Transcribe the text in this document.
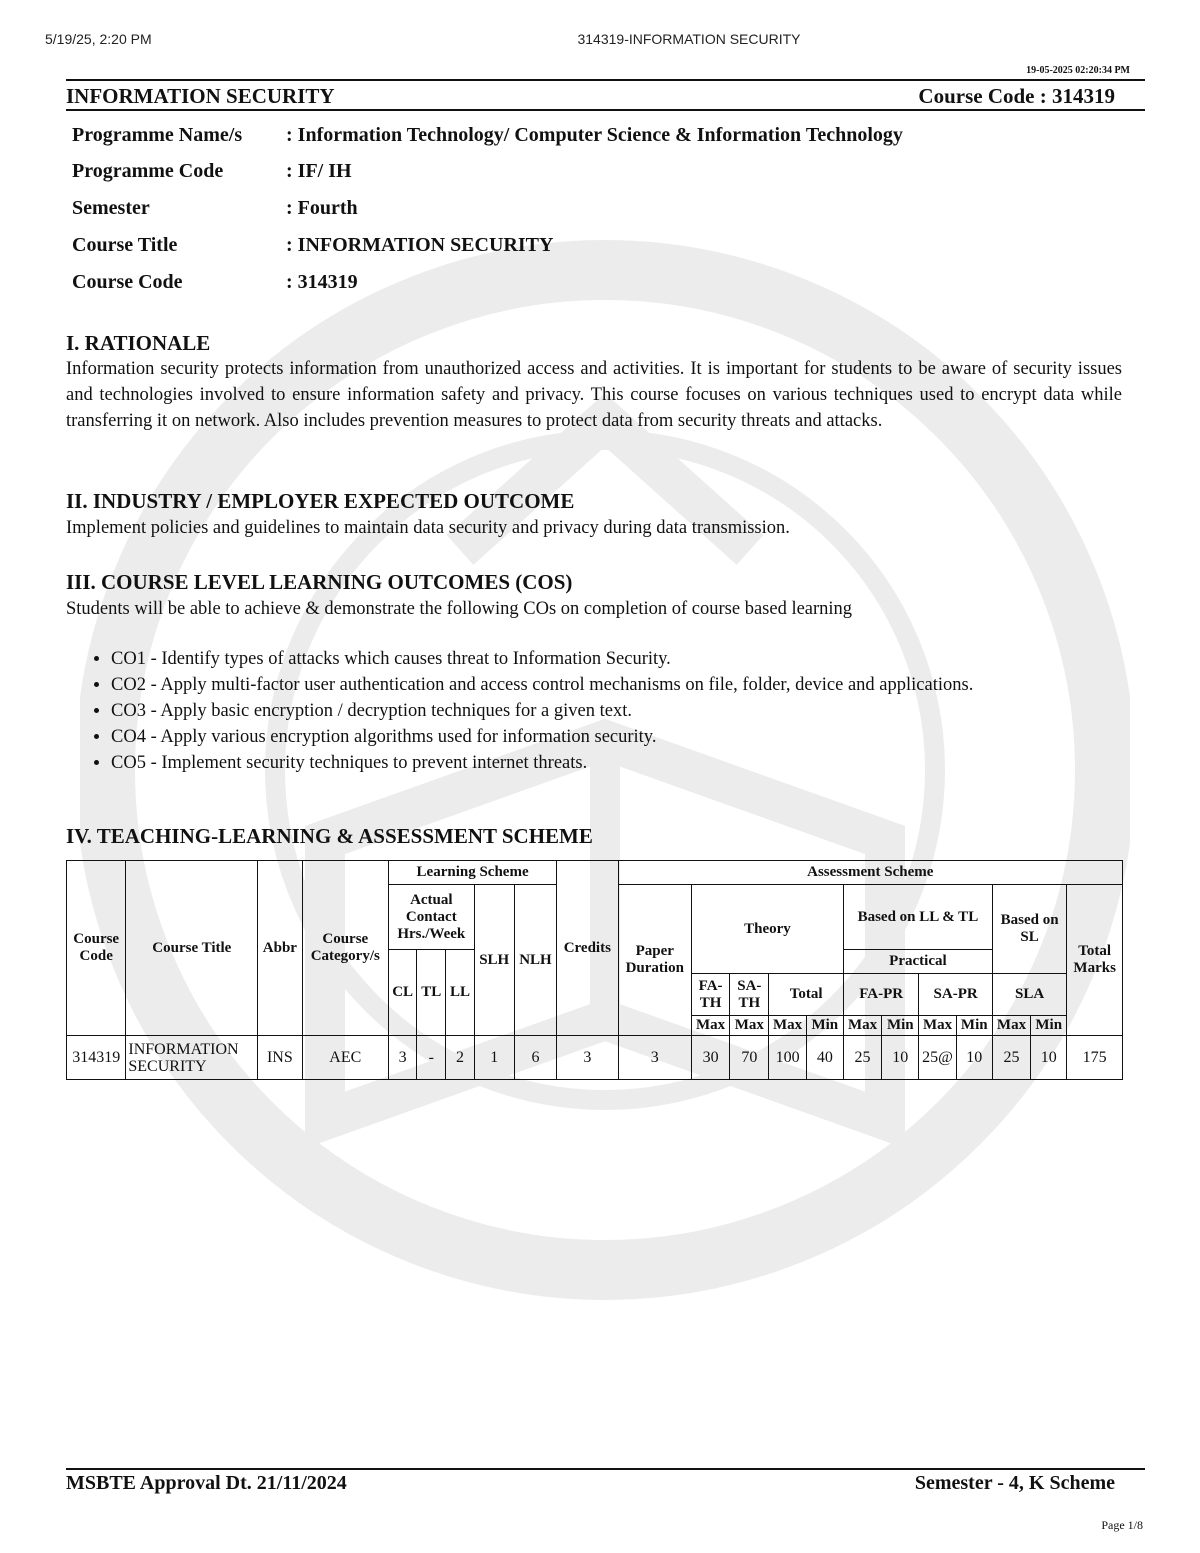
5/19/25, 2:20 PM	314319-INFORMATION SECURITY
19-05-2025 02:20:34 PM
INFORMATION SECURITY	Course Code : 314319
Programme Name/s : Information Technology/ Computer Science & Information Technology
Programme Code	: IF/ IH
Semester	: Fourth
Course Title	: INFORMATION SECURITY
Course Code	: 314319
I. RATIONALE
Information security protects information from unauthorized access and activities. It is important for students to be aware of security issues and technologies involved to ensure information safety and privacy. This course focuses on various techniques used to encrypt data while transferring it on network. Also includes prevention measures to protect data from security threats and attacks.
II. INDUSTRY / EMPLOYER EXPECTED OUTCOME
Implement policies and guidelines to maintain data security and privacy during data transmission.
III. COURSE LEVEL LEARNING OUTCOMES (COS)
Students will be able to achieve & demonstrate the following COs on completion of course based learning
• CO1 - Identify types of attacks which causes threat to Information Security.
• CO2 - Apply multi-factor user authentication and access control mechanisms on file, folder, device and applications.
• CO3 - Apply basic encryption / decryption techniques for a given text.
• CO4 - Apply various encryption algorithms used for information security.
• CO5 - Implement security techniques to prevent internet threats.
IV. TEACHING-LEARNING & ASSESSMENT SCHEME
Course Code	Course Title	Abbr	Course Category/s	Learning Scheme					Credits	Assessment Scheme											
				Actual Contact Hrs./Week			SLH	NLH		Paper Duration	Theory				Based on LL & TL				Based on SL		Total Marks
				CL	TL	LL									Practical						
											FA-TH	SA-TH	Total		FA-PR		SA-PR		SLA		
											Max	Max	Max	Min	Max	Min	Max	Min	Max	Min	
314319	INFORMATION SECURITY	INS	AEC	3	-	2	1	6	3	3	30	70	100	40	25	10	25@	10	25	10	175
MSBTE Approval Dt. 21/11/2024	Semester - 4, K Scheme
Page 1/8
